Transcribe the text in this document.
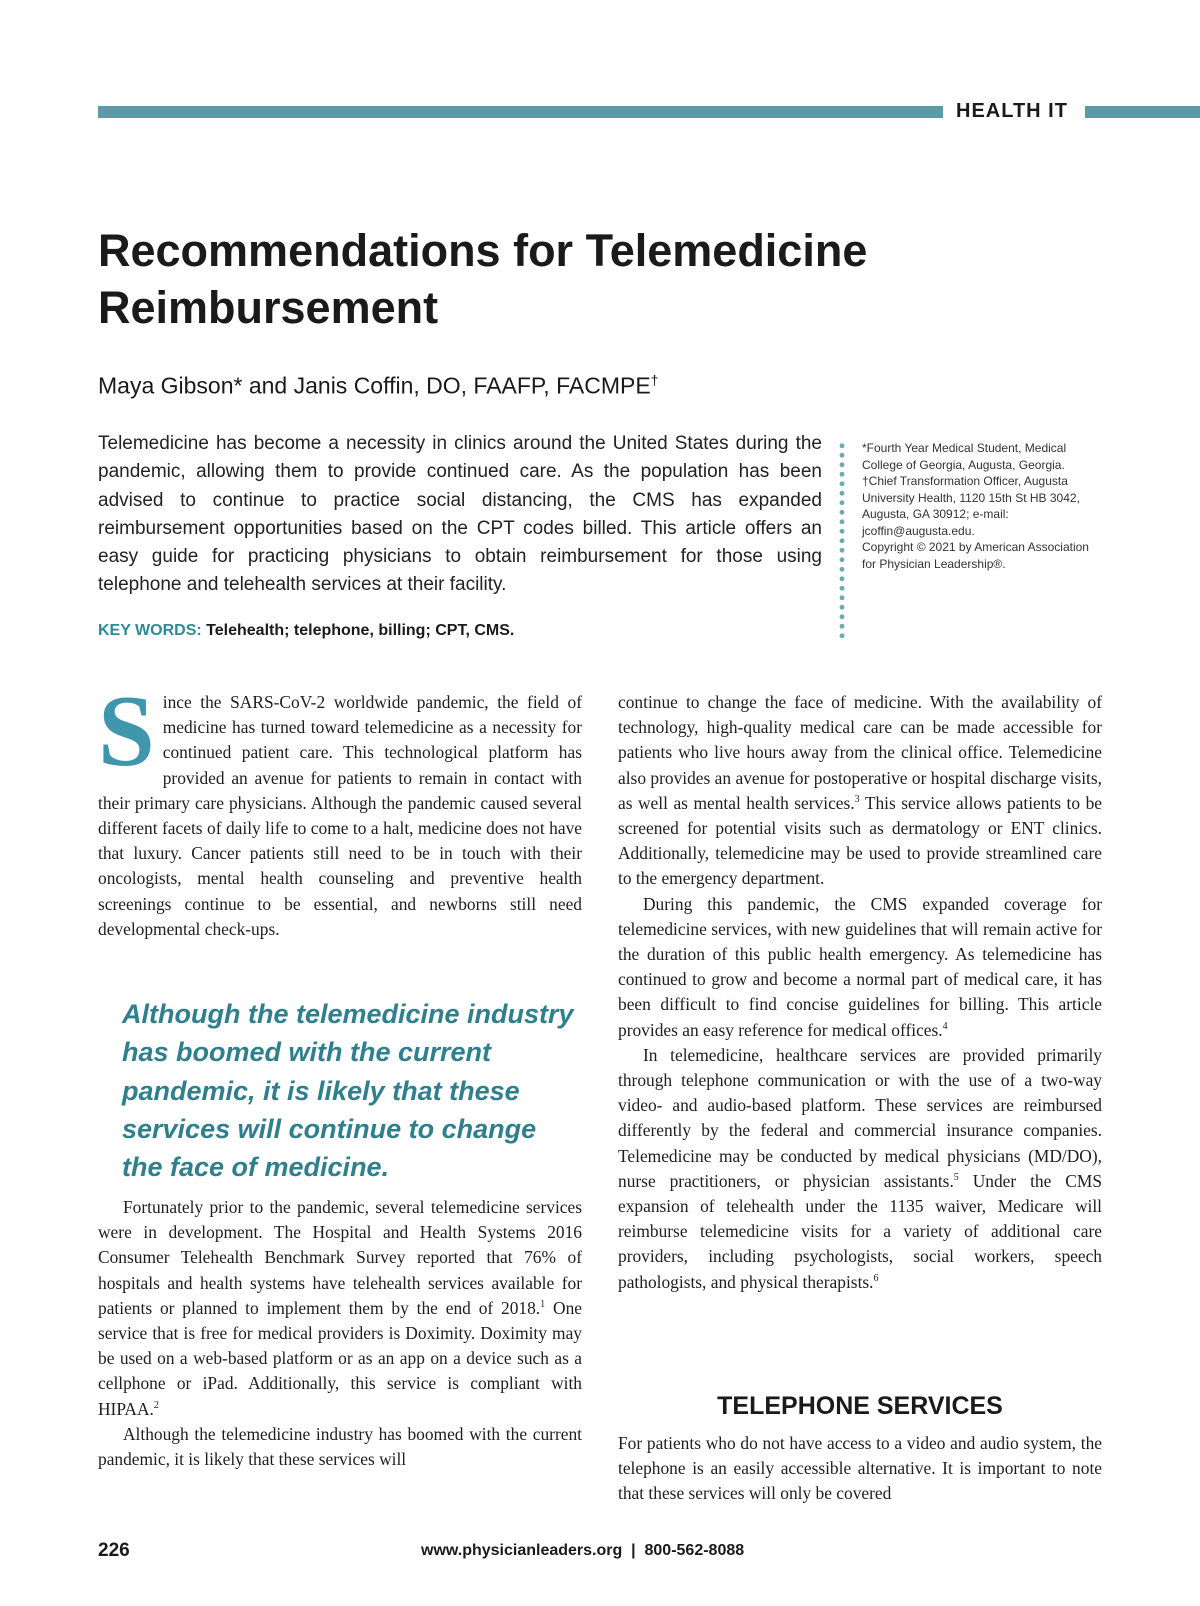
HEALTH IT
Recommendations for Telemedicine Reimbursement
Maya Gibson* and Janis Coffin, DO, FAAFP, FACMPE†

Telemedicine has become a necessity in clinics around the United States during the pandemic, allowing them to provide continued care. As the population has been advised to continue to practice social distancing, the CMS has expanded reimbursement opportunities based on the CPT codes billed. This article offers an easy guide for practicing physicians to obtain reimbursement for those using telephone and telehealth services at their facility.

KEY WORDS: Telehealth; telephone, billing; CPT, CMS.

*Fourth Year Medical Student, Medical College of Georgia, Augusta, Georgia.

†Chief Transformation Officer, Augusta University Health, 1120 15th St HB 3042, Augusta, GA 30912; e-mail: jcoffin@augusta.edu.

Copyright © 2021 by American Association for Physician Leadership®.

Since the SARS-CoV-2 worldwide pandemic, the field of medicine has turned toward telemedicine as a necessity for continued patient care. This technological platform has provided an avenue for patients to remain in contact with their primary care physicians. Although the pandemic caused several different facets of daily life to come to a halt, medicine does not have that luxury. Cancer patients still need to be in touch with their oncologists, mental health counseling and preventive health screenings continue to be essential, and newborns still need developmental check-ups.

Although the telemedicine industry has boomed with the current pandemic, it is likely that these services will continue to change the face of medicine.

Fortunately prior to the pandemic, several telemedicine services were in development. The Hospital and Health Systems 2016 Consumer Telehealth Benchmark Survey reported that 76% of hospitals and health systems have telehealth services available for patients or planned to implement them by the end of 2018.$^1$ One service that is free for medical providers is Doximity. Doximity may be used on a web-based platform or as an app on a device such as a cellphone or iPad. Additionally, this service is compliant with HIPAA.$^2$

Although the telemedicine industry has boomed with the current pandemic, it is likely that these services will

continue to change the face of medicine. With the availability of technology, high-quality medical care can be made accessible for patients who live hours away from the clinical office. Telemedicine also provides an avenue for postoperative or hospital discharge visits, as well as mental health services.$^3$ This service allows patients to be screened for potential visits such as dermatology or ENT clinics. Additionally, telemedicine may be used to provide streamlined care to the emergency department.

During this pandemic, the CMS expanded coverage for telemedicine services, with new guidelines that will remain active for the duration of this public health emergency. As telemedicine has continued to grow and become a normal part of medical care, it has been difficult to find concise guidelines for billing. This article provides an easy reference for medical offices.$^4$

In telemedicine, healthcare services are provided primarily through telephone communication or with the use of a two-way video- and audio-based platform. These services are reimbursed differently by the federal and commercial insurance companies. Telemedicine may be conducted by medical physicians (MD/DO), nurse practitioners, or physician assistants.$^5$ Under the CMS expansion of telehealth under the 1135 waiver, Medicare will reimburse telemedicine visits for a variety of additional care providers, including psychologists, social workers, speech pathologists, and physical therapists.$^6$

TELEPHONE SERVICES

For patients who do not have access to a video and audio system, the telephone is an easily accessible alternative. It is important to note that these services will only be covered

226	www.physicianleaders.org  |  800-562-8088
